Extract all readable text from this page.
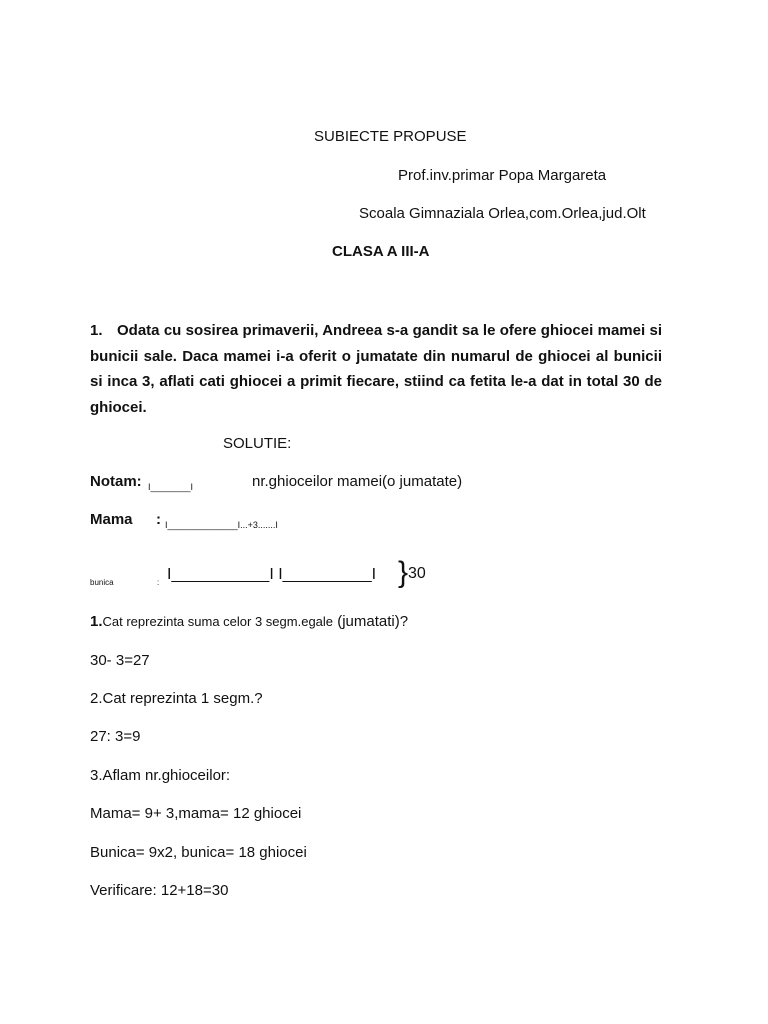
SUBIECTE PROPUSE
Prof.inv.primar Popa Margareta
Scoala Gimnaziala Orlea,com.Orlea,jud.Olt
CLASA A III-A
1. Odata cu sosirea primaverii, Andreea s-a gandit sa le ofere ghiocei mamei si bunicii sale. Daca mamei i-a oferit o jumatate din numarul de ghiocei al bunicii si inca 3, aflati cati ghiocei a primit fiecare, stiind ca fetita le-a dat in total 30 de ghiocei.
SOLUTIE:
Notam: I________I	nr.ghioceilor mamei(o jumatate)
Mama : I______________I...+3.......I
bunica	: I___________I I__________I }30
1.Cat reprezinta suma celor 3 segm.egale (jumatati)?
30- 3=27
2.Cat reprezinta 1 segm.?
27: 3=9
3.Aflam nr.ghioceilor:
Mama= 9+ 3,mama= 12 ghiocei
Bunica= 9x2, bunica= 18 ghiocei
Verificare: 12+18=30
